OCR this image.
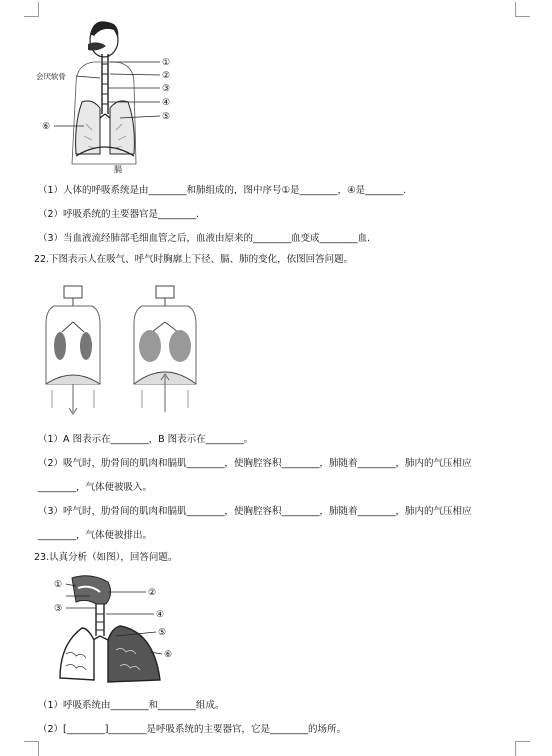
①
②
③
④
⑤
⑥
会厌软骨
膈
（1）人体的呼吸系统是由________和肺组成的，图中序号①是________，④是________.
（2）呼吸系统的主要器官是________.
（3）当血液流经肺部毛细血管之后，血液由原来的________血变成________血.
22.下图表示人在吸气、呼气时胸廓上下径、膈、肺的变化，依图回答问题。
（1）A 图表示在________，B 图表示在________。
（2）吸气时，肋骨间的肌肉和膈肌________，使胸腔容积________，肺随着________，肺内的气压相应
________，气体便被吸入。
（3）呼气时，肋骨间的肌肉和膈肌________，使胸腔容积________，肺随着________，肺内的气压相应
________，气体便被排出。
23.认真分析（如图），回答问题。
①
②
③
④
⑤
⑥
（1）呼吸系统由________和________组成。
（2）[________]________是呼吸系统的主要器官，它是________的场所。
